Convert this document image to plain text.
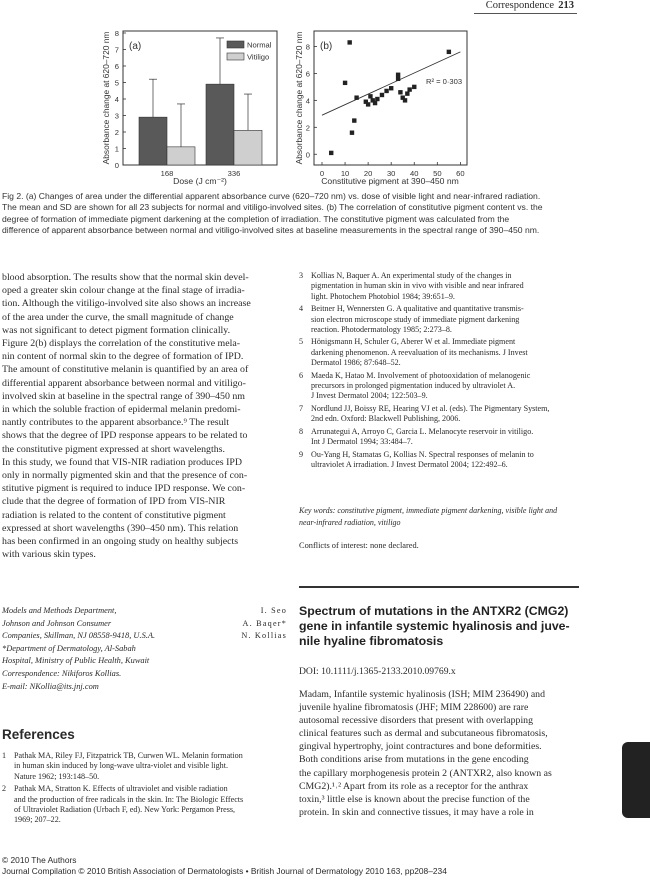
Correspondence 213
(a)
Absorbance change at 620–720 nm
Dose (J cm⁻²)
0
1
2
3
4
5
6
7
8
168	336
Normal
Vitiligo
(b)
Absorbance change at 620–720 nm
Constitutive pigment at 390–450 nm
R² = 0·303
0
2
4
6
8
0 10 20 30 40 50 60
Fig 2. (a) Changes of area under the differential apparent absorbance curve (620–720 nm) vs. dose of visible light and near-infrared radiation.
The mean and SD are shown for all 23 subjects for normal and vitiligo-involved sites. (b) The correlation of constitutive pigment content vs. the
degree of formation of immediate pigment darkening at the completion of irradiation. The constitutive pigment was calculated from the
difference of apparent absorbance between normal and vitiligo-involved sites at baseline measurements in the spectral range of 390–450 nm.
blood absorption. The results show that the normal skin devel-
oped a greater skin colour change at the final stage of irradia-
tion. Although the vitiligo-involved site also shows an increase
of the area under the curve, the small magnitude of change
was not significant to detect pigment formation clinically.
Figure 2(b) displays the correlation of the constitutive mela-
nin content of normal skin to the degree of formation of IPD.
The amount of constitutive melanin is quantified by an area of
differential apparent absorbance between normal and vitiligo-
involved skin at baseline in the spectral range of 390–450 nm
in which the soluble fraction of epidermal melanin predomi-
nantly contributes to the apparent absorbance.⁹ The result
shows that the degree of IPD response appears to be related to
the constitutive pigment expressed at short wavelengths.
In this study, we found that VIS-NIR radiation produces IPD
only in normally pigmented skin and that the presence of con-
stitutive pigment is required to induce IPD response. We con-
clude that the degree of formation of IPD from VIS-NIR
radiation is related to the content of constitutive pigment
expressed at short wavelengths (390–450 nm). This relation
has been confirmed in an ongoing study on healthy subjects
with various skin types.
Models and Methods Department,	I. Seo
Johnson and Johnson Consumer	A. Baqer*
Companies, Skillman, NJ 08558-9418, U.S.A.	N. Kollias
*Department of Dermatology, Al-Sabah
Hospital, Ministry of Public Health, Kuwait
Correspondence: Nikiforos Kollias.
E-mail: NKollia@its.jnj.com
References
1 Pathak MA, Riley FJ, Fitzpatrick TB, Curwen WL. Melanin formation
in human skin induced by long-wave ultra-violet and visible light.
Nature 1962; 193:148–50.
2 Pathak MA, Stratton K. Effects of ultraviolet and visible radiation
and the production of free radicals in the skin. In: The Biologic Effects
of Ultraviolet Radiation (Urbach F, ed). New York: Pergamon Press,
1969; 207–22.
3 Kollias N, Baquer A. An experimental study of the changes in
pigmentation in human skin in vivo with visible and near infrared
light. Photochem Photobiol 1984; 39:651–9.
4 Beitner H, Wennersten G. A qualitative and quantitative transmis-
sion electron microscope study of immediate pigment darkening
reaction. Photodermatology 1985; 2:273–8.
5 Hönigsmann H, Schuler G, Aberer W et al. Immediate pigment
darkening phenomenon. A reevaluation of its mechanisms. J Invest
Dermatol 1986; 87:648–52.
6 Maeda K, Hatao M. Involvement of photooxidation of melanogenic
precursors in prolonged pigmentation induced by ultraviolet A.
J Invest Dermatol 2004; 122:503–9.
7 Nordlund JJ, Boissy RE, Hearing VJ et al. (eds). The Pigmentary System,
2nd edn. Oxford: Blackwell Publishing, 2006.
8 Arrunategui A, Arroyo C, Garcia L. Melanocyte reservoir in vitiligo.
Int J Dermatol 1994; 33:484–7.
9 Ou-Yang H, Stamatas G, Kollias N. Spectral responses of melanin to
ultraviolet A irradiation. J Invest Dermatol 2004; 122:492–6.
Key words: constitutive pigment, immediate pigment darkening, visible light and
near-infrared radiation, vitiligo
Conflicts of interest: none declared.
Spectrum of mutations in the ANTXR2 (CMG2)
gene in infantile systemic hyalinosis and juve-
nile hyaline fibromatosis
DOI: 10.1111/j.1365-2133.2010.09769.x
Madam, Infantile systemic hyalinosis (ISH; MIM 236490) and
juvenile hyaline fibromatosis (JHF; MIM 228600) are rare
autosomal recessive disorders that present with overlapping
clinical features such as dermal and subcutaneous fibromatosis,
gingival hypertrophy, joint contractures and bone deformities.
Both conditions arise from mutations in the gene encoding
the capillary morphogenesis protein 2 (ANTXR2, also known as
CMG2).¹˒² Apart from its role as a receptor for the anthrax
toxin,³ little else is known about the precise function of the
protein. In skin and connective tissues, it may have a role in
© 2010 The Authors
Journal Compilation © 2010 British Association of Dermatologists • British Journal of Dermatology 2010 163, pp208–234
